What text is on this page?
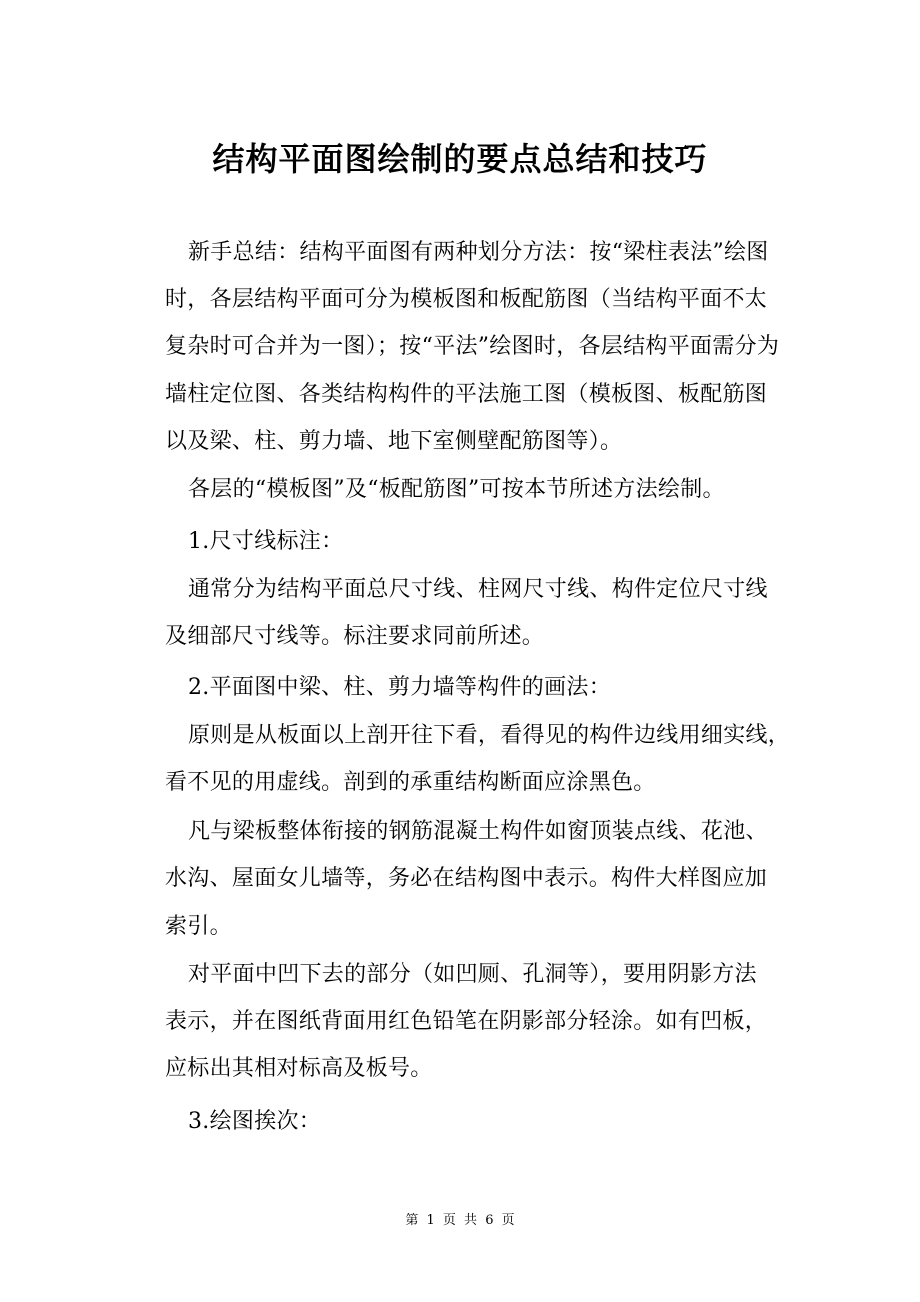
结构平面图绘制的要点总结和技巧
新手总结：结构平面图有两种划分方法：按“梁柱表法”绘图
时，各层结构平面可分为模板图和板配筋图（当结构平面不太
复杂时可合并为一图）；按“平法”绘图时，各层结构平面需分为
墙柱定位图、各类结构构件的平法施工图（模板图、板配筋图
以及梁、柱、剪力墙、地下室侧壁配筋图等）。
各层的“模板图”及“板配筋图”可按本节所述方法绘制。
1.尺寸线标注：
通常分为结构平面总尺寸线、柱网尺寸线、构件定位尺寸线
及细部尺寸线等。标注要求同前所述。
2.平面图中梁、柱、剪力墙等构件的画法：
原则是从板面以上剖开往下看，看得见的构件边线用细实线，
看不见的用虚线。剖到的承重结构断面应涂黑色。
凡与梁板整体衔接的钢筋混凝土构件如窗顶装点线、花池、
水沟、屋面女儿墙等，务必在结构图中表示。构件大样图应加
索引。
对平面中凹下去的部分（如凹厕、孔洞等），要用阴影方法
表示，并在图纸背面用红色铅笔在阴影部分轻涂。如有凹板，
应标出其相对标高及板号。
3.绘图挨次：
第 1 页 共 6 页
